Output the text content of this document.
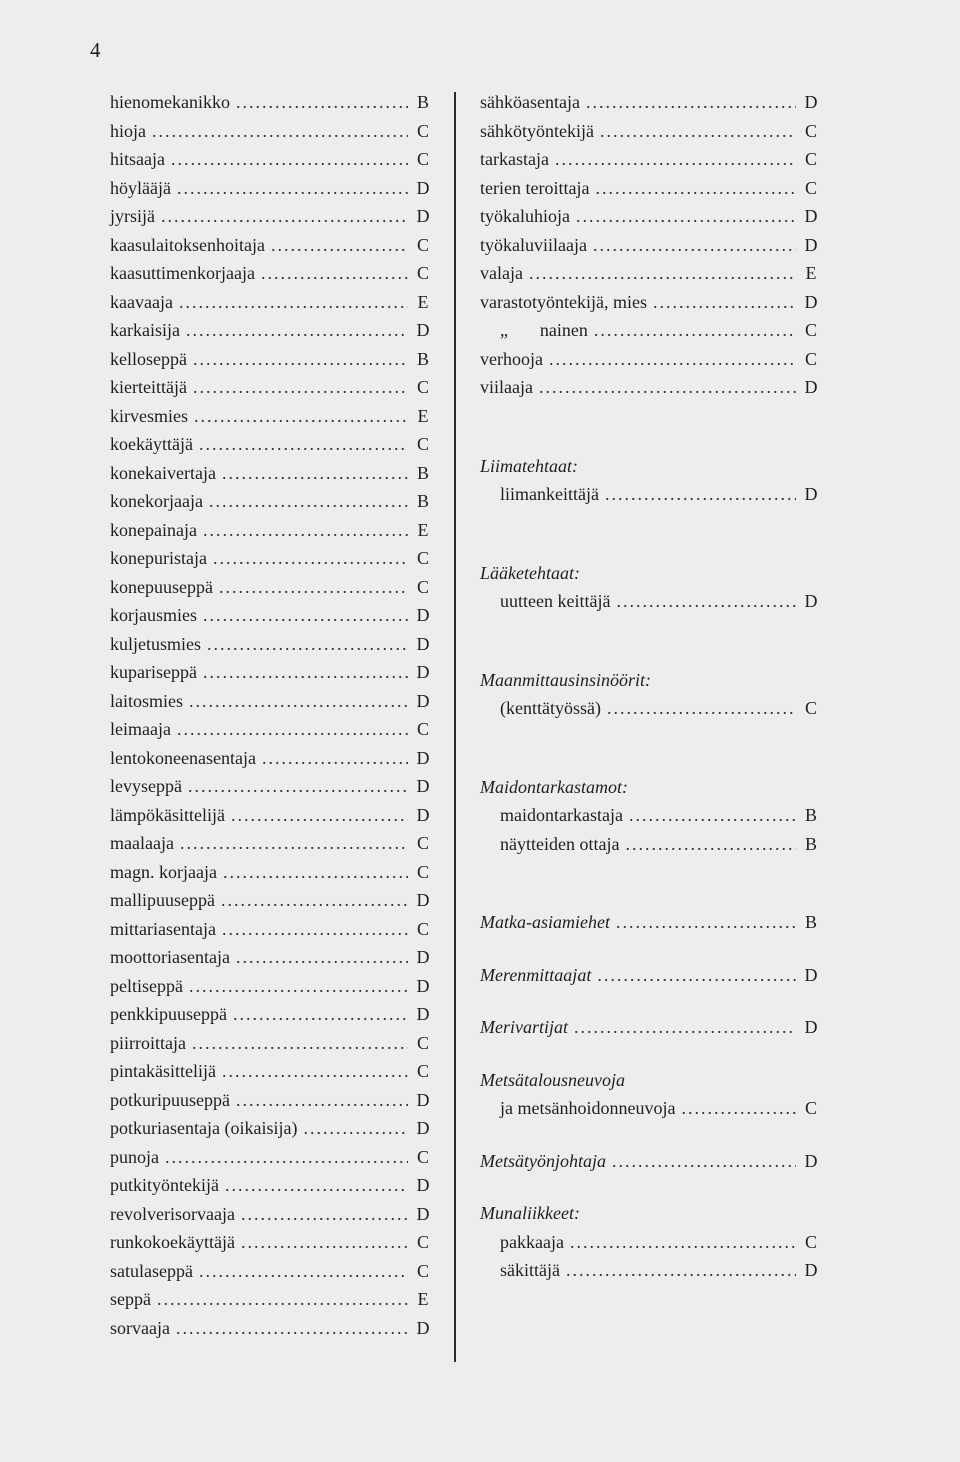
4
hienomekanikko .....	B
hioja .....	C
hitsaaja .....	C
höylääjä .....	D
jyrsijä .....	D
kaasulaitoksenhoitaja .....	C
kaasuttimenkorjaaja .....	C
kaavaaja .....	E
karkaisija .....	D
kelloseppä .....	B
kierteittäjä .....	C
kirvesmies .....	E
koekäyttäjä .....	C
konekaivertaja .....	B
konekorjaaja .....	B
konepainaja .....	E
konepuristaja .....	C
konepuuseppä .....	C
korjausmies .....	D
kuljetusmies .....	D
kupariseppä .....	D
laitosmies .....	D
leimaaja .....	C
lentokoneenasentaja .....	D
levyseppä .....	D
lämpökäsittelijä .....	D
maalaaja .....	C
magn. korjaaja .....	C
mallipuuseppä .....	D
mittariasentaja .....	C
moottoriasentaja .....	D
peltiseppä .....	D
penkkipuuseppä .....	D
piirroittaja .....	C
pintakäsittelijä .....	C
potkuripuuseppä .....	D
potkuriasentaja (oikaisija) .....	D
punoja .....	C
putkityöntekijä .....	D
revolverisorvaaja .....	D
runkokoekäyttäjä .....	C
satulaseppä .....	C
seppä .....	E
sorvaaja .....	D
sähköasentaja .....	D
sähkötyöntekijä .....	C
tarkastaja .....	C
terien teroittaja .....	C
työkaluhioja .....	D
työkaluviilaaja .....	D
valaja .....	E
varastotyöntekijä, mies .....	D
„	nainen .....	C
verhooja .....	C
viilaaja .....	D
Liimatehtaat:
liimankeittäjä .....	D
Lääketehtaat:
uutteen keittäjä .....	D
Maanmittausinsinöörit:
(kenttätyössä) .....	C
Maidontarkastamot:
maidontarkastaja .....	B
näytteiden ottaja .....	B
Matka-asiamiehet .....	B
Merenmittaajat .....	D
Merivartijat .....	D
Metsätalousneuvoja
ja metsänhoidonneuvoja .....	C
Metsätyönjohtaja .....	D
Munaliikkeet:
pakkaaja .....	C
säkittäjä .....	D
